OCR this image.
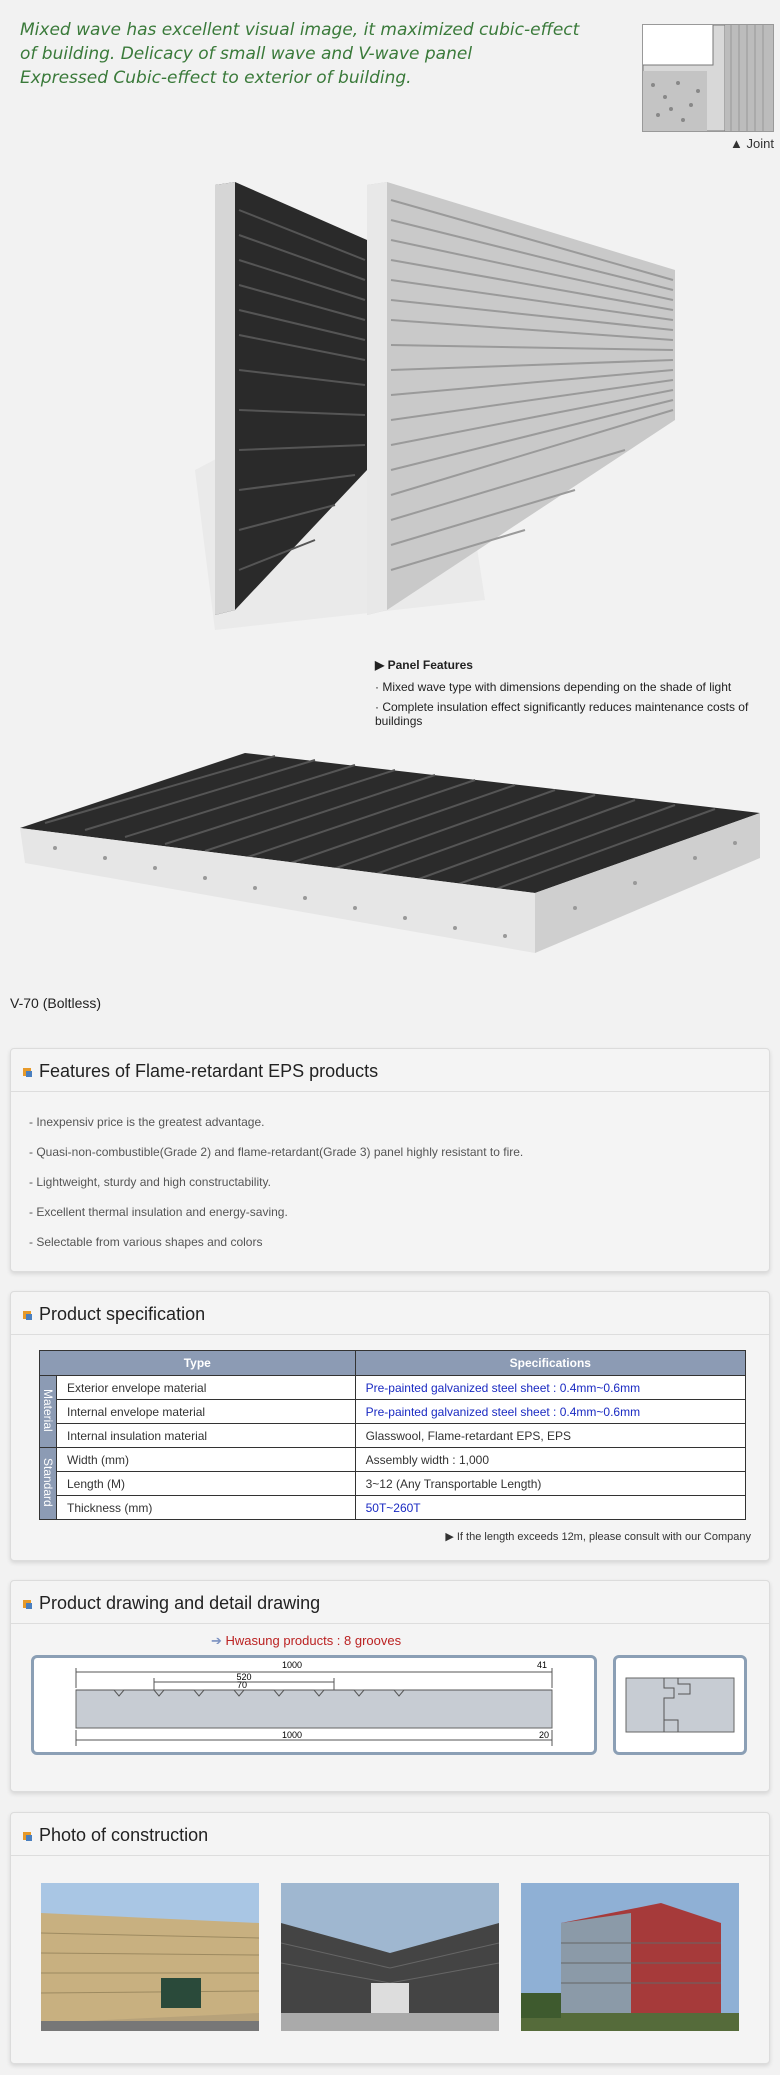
Mixed wave has excellent visual image, it maximized cubic-effect
of building. Delicacy of small wave and V-wave panel
Expressed Cubic-effect to exterior of building.
▲ Joint
▶ Panel Features
· Mixed wave type with dimensions depending on the shade of light
· Complete insulation effect significantly reduces maintenance costs of buildings
V-70 (Boltless)
Features of Flame-retardant EPS products
- Inexpensiv price is the greatest advantage.
- Quasi-non-combustible(Grade 2) and flame-retardant(Grade 3) panel highly resistant to fire.
- Lightweight, sturdy and high constructability.
- Excellent thermal insulation and energy-saving.
- Selectable from various shapes and colors
Product specification
Type		Specifications
Material	Exterior envelope material	Pre-painted galvanized steel sheet : 0.4mm~0.6mm
	Internal envelope material	Pre-painted galvanized steel sheet : 0.4mm~0.6mm
	Internal insulation material	Glasswool, Flame-retardant EPS, EPS
Standard	Width (mm)	Assembly width : 1,000
	Length (M)	3~12 (Any Transportable Length)
	Thickness (mm)	50T~260T
▶ If the length exceeds 12m, please consult with our Company
Product drawing and detail drawing
➔ Hwasung products : 8 grooves
1000	41
520
70
1000	20
Photo of construction
